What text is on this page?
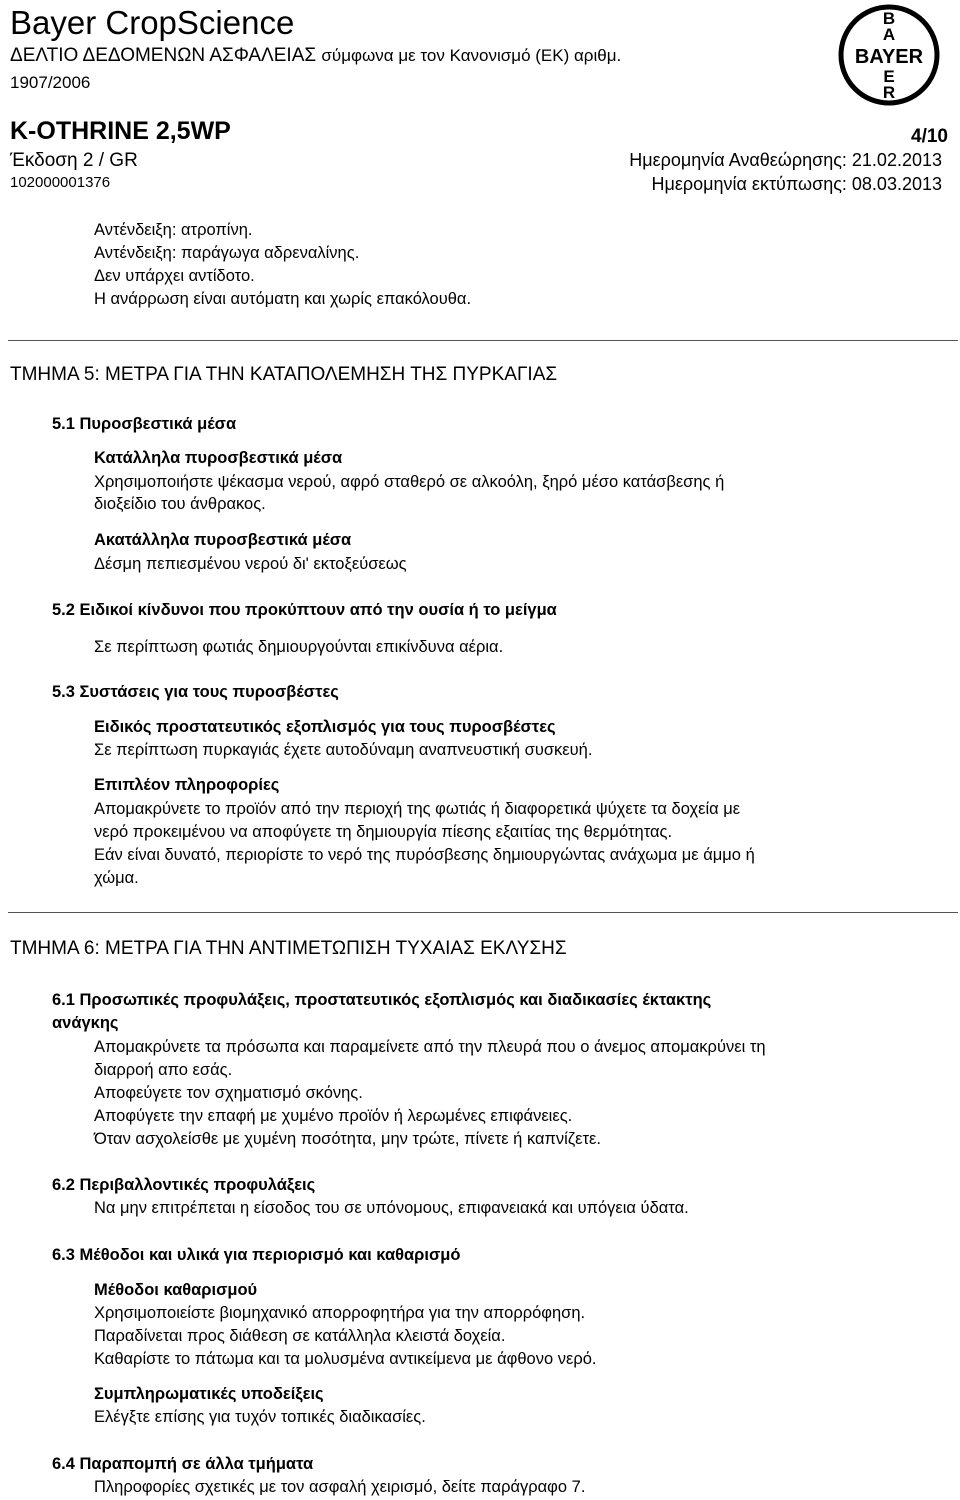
Bayer CropScience
ΔΕΛΤΙΟ ΔΕΔΟΜΕΝΩΝ ΑΣΦΑΛΕΙΑΣ σύμφωνα με τον Κανονισμό (ΕΚ) αριθμ.
1907/2006
B
A
BAYER
E
R
K-OTHRINE 2,5WP	4/10
Έκδοση 2 / GR	Ημερομηνία Αναθεώρησης: 21.02.2013
102000001376	Ημερομηνία εκτύπωσης: 08.03.2013
Αντένδειξη: ατροπίνη.
Αντένδειξη: παράγωγα αδρεναλίνης.
Δεν υπάρχει αντίδοτο.
Η ανάρρωση είναι αυτόματη και χωρίς επακόλουθα.
ΤΜΗΜΑ 5: ΜΕΤΡΑ ΓΙΑ ΤΗΝ ΚΑΤΑΠΟΛΕΜΗΣΗ ΤΗΣ ΠΥΡΚΑΓΙΑΣ
5.1 Πυροσβεστικά μέσα
Κατάλληλα πυροσβεστικά μέσα
Χρησιμοποιήστε ψέκασμα νερού, αφρό σταθερό σε αλκοόλη, ξηρό μέσο κατάσβεσης ή
διοξείδιο του άνθρακος.
Ακατάλληλα πυροσβεστικά μέσα
Δέσμη πεπιεσμένου νερού δι' εκτοξεύσεως
5.2 Ειδικοί κίνδυνοι που προκύπτουν από την ουσία ή το μείγμα
Σε περίπτωση φωτιάς δημιουργούνται επικίνδυνα αέρια.
5.3 Συστάσεις για τους πυροσβέστες
Ειδικός προστατευτικός εξοπλισμός για τους πυροσβέστες
Σε περίπτωση πυρκαγιάς έχετε αυτοδύναμη αναπνευστική συσκευή.
Επιπλέον πληροφορίες
Απομακρύνετε το προϊόν από την περιοχή της φωτιάς ή διαφορετικά ψύχετε τα δοχεία με
νερό προκειμένου να αποφύγετε τη δημιουργία πίεσης εξαιτίας της θερμότητας.
Εάν είναι δυνατό, περιορίστε το νερό της πυρόσβεσης δημιουργώντας ανάχωμα με άμμο ή
χώμα.
ΤΜΗΜΑ 6: ΜΕΤΡΑ ΓΙΑ ΤΗΝ ΑΝΤΙΜΕΤΩΠΙΣΗ ΤΥΧΑΙΑΣ ΕΚΛΥΣΗΣ
6.1 Προσωπικές προφυλάξεις, προστατευτικός εξοπλισμός και διαδικασίες έκτακτης
ανάγκης
Απομακρύνετε τα πρόσωπα και παραμείνετε από την πλευρά που ο άνεμος απομακρύνει τη
διαρροή απο εσάς.
Αποφεύγετε τον σχηματισμό σκόνης.
Αποφύγετε την επαφή με χυμένο προϊόν ή λερωμένες επιφάνειες.
Όταν ασχολείσθε με χυμένη ποσότητα, μην τρώτε, πίνετε ή καπνίζετε.
6.2 Περιβαλλοντικές προφυλάξεις
Να μην επιτρέπεται η είσοδος του σε υπόνομους, επιφανειακά και υπόγεια ύδατα.
6.3 Μέθοδοι και υλικά για περιορισμό και καθαρισμό
Μέθοδοι καθαρισμού
Χρησιμοποιείστε βιομηχανικό απορροφητήρα για την απορρόφηση.
Παραδίνεται προς διάθεση σε κατάλληλα κλειστά δοχεία.
Καθαρίστε το πάτωμα και τα μολυσμένα αντικείμενα με άφθονο νερό.
Συμπληρωματικές υποδείξεις
Ελέγξτε επίσης για τυχόν τοπικές διαδικασίες.
6.4 Παραπομπή σε άλλα τμήματα
Πληροφορίες σχετικές με τον ασφαλή χειρισμό, δείτε παράγραφο 7.
